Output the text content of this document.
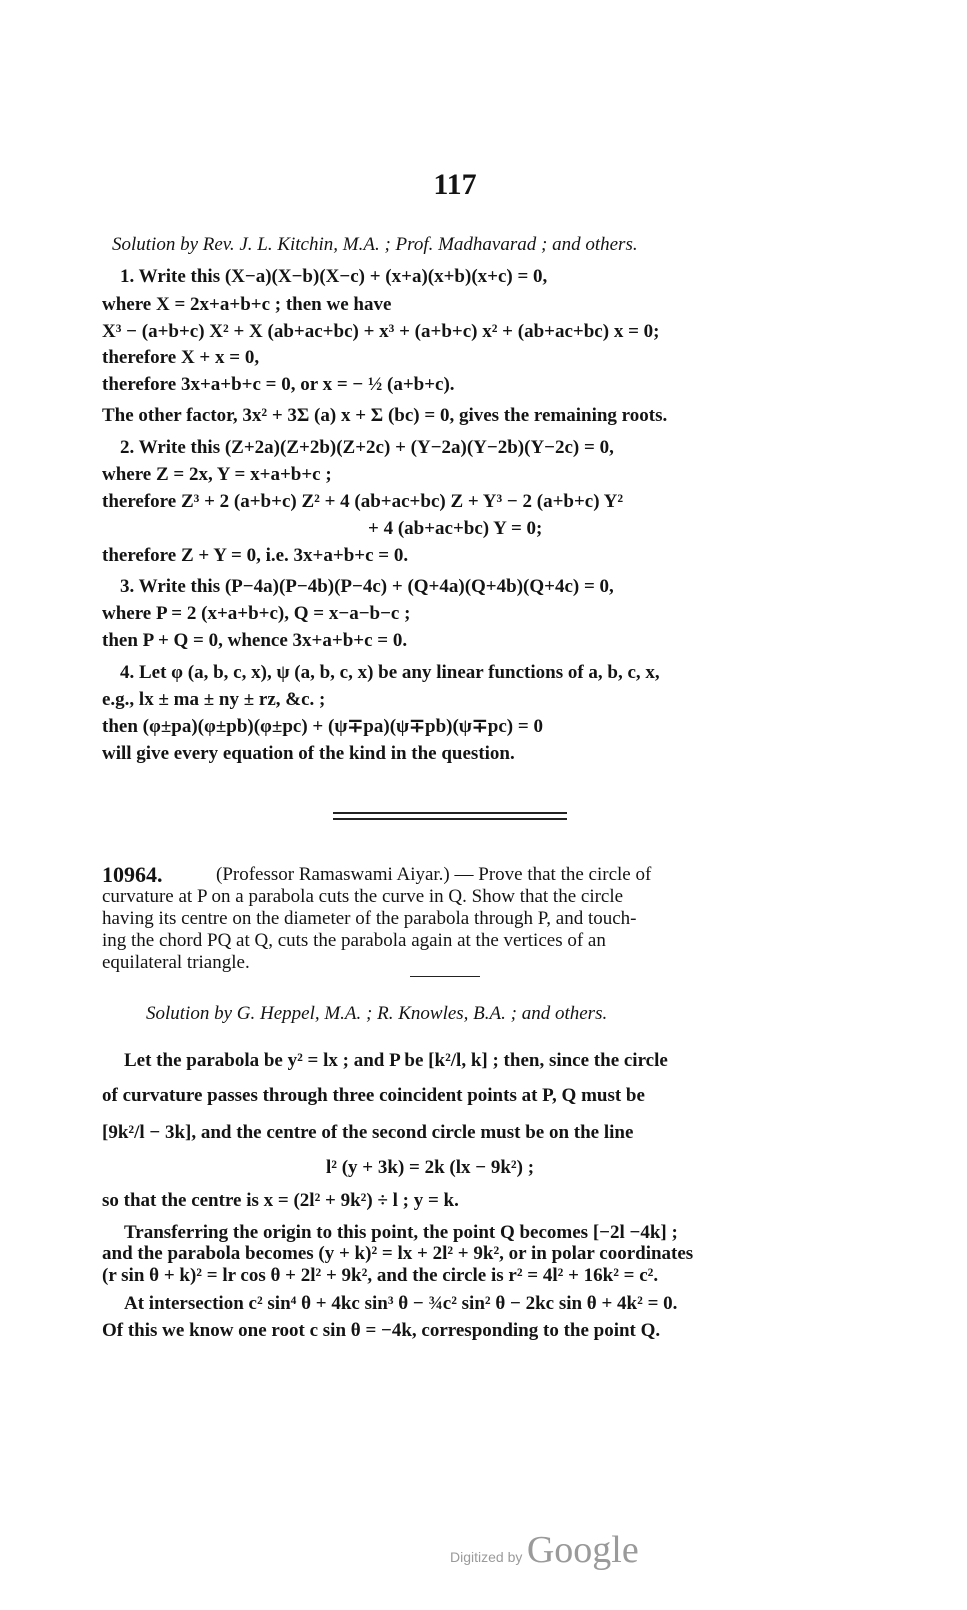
117
Solution by Rev. J. L. Kitchin, M.A. ; Prof. Madhavarad ; and others.
1. Write this (X−a)(X−b)(X−c) + (x+a)(x+b)(x+c) = 0,
where X = 2x+a+b+c ; then we have
X³ − (a+b+c) X² + X (ab+ac+bc) + x³ + (a+b+c) x² + (ab+ac+bc) x = 0;
therefore X + x = 0,
therefore 3x+a+b+c = 0, or x = − ½ (a+b+c).
The other factor, 3x² + 3Σ (a) x + Σ (bc) = 0, gives the remaining roots.
2. Write this (Z+2a)(Z+2b)(Z+2c) + (Y−2a)(Y−2b)(Y−2c) = 0,
where Z = 2x, Y = x+a+b+c ;
therefore Z³ + 2 (a+b+c) Z² + 4 (ab+ac+bc) Z + Y³ − 2 (a+b+c) Y²
+ 4 (ab+ac+bc) Y = 0;
therefore Z + Y = 0, i.e. 3x+a+b+c = 0.
3. Write this (P−4a)(P−4b)(P−4c) + (Q+4a)(Q+4b)(Q+4c) = 0,
where P = 2 (x+a+b+c), Q = x−a−b−c ;
then P + Q = 0, whence 3x+a+b+c = 0.
4. Let φ (a, b, c, x), ψ (a, b, c, x) be any linear functions of a, b, c, x,
e.g., lx ± ma ± ny ± rz, &c. ;
then (φ±pa)(φ±pb)(φ±pc) + (ψ∓pa)(ψ∓pb)(ψ∓pc) = 0
will give every equation of the kind in the question.
10964.	(Professor Ramaswami Aiyar.) — Prove that the circle of
curvature at P on a parabola cuts the curve in Q. Show that the circle
having its centre on the diameter of the parabola through P, and touch-
ing the chord PQ at Q, cuts the parabola again at the vertices of an
equilateral triangle.
Solution by G. Heppel, M.A. ; R. Knowles, B.A. ; and others.
Let the parabola be y² = lx ; and P be [k²/l, k] ; then, since the circle
of curvature passes through three coincident points at P, Q must be
[9k²/l − 3k], and the centre of the second circle must be on the line
l² (y + 3k) = 2k (lx − 9k²) ;
so that the centre is x = (2l² + 9k²) ÷ l ; y = k.
Transferring the origin to this point, the point Q becomes [−2l −4k] ;
and the parabola becomes (y + k)² = lx + 2l² + 9k², or in polar coordinates
(r sin θ + k)² = lr cos θ + 2l² + 9k², and the circle is r² = 4l² + 16k² = c².
At intersection c² sin⁴ θ + 4kc sin³ θ − ¾c² sin² θ − 2kc sin θ + 4k² = 0.
Of this we know one root c sin θ = −4k, corresponding to the point Q.
Digitized by Google
